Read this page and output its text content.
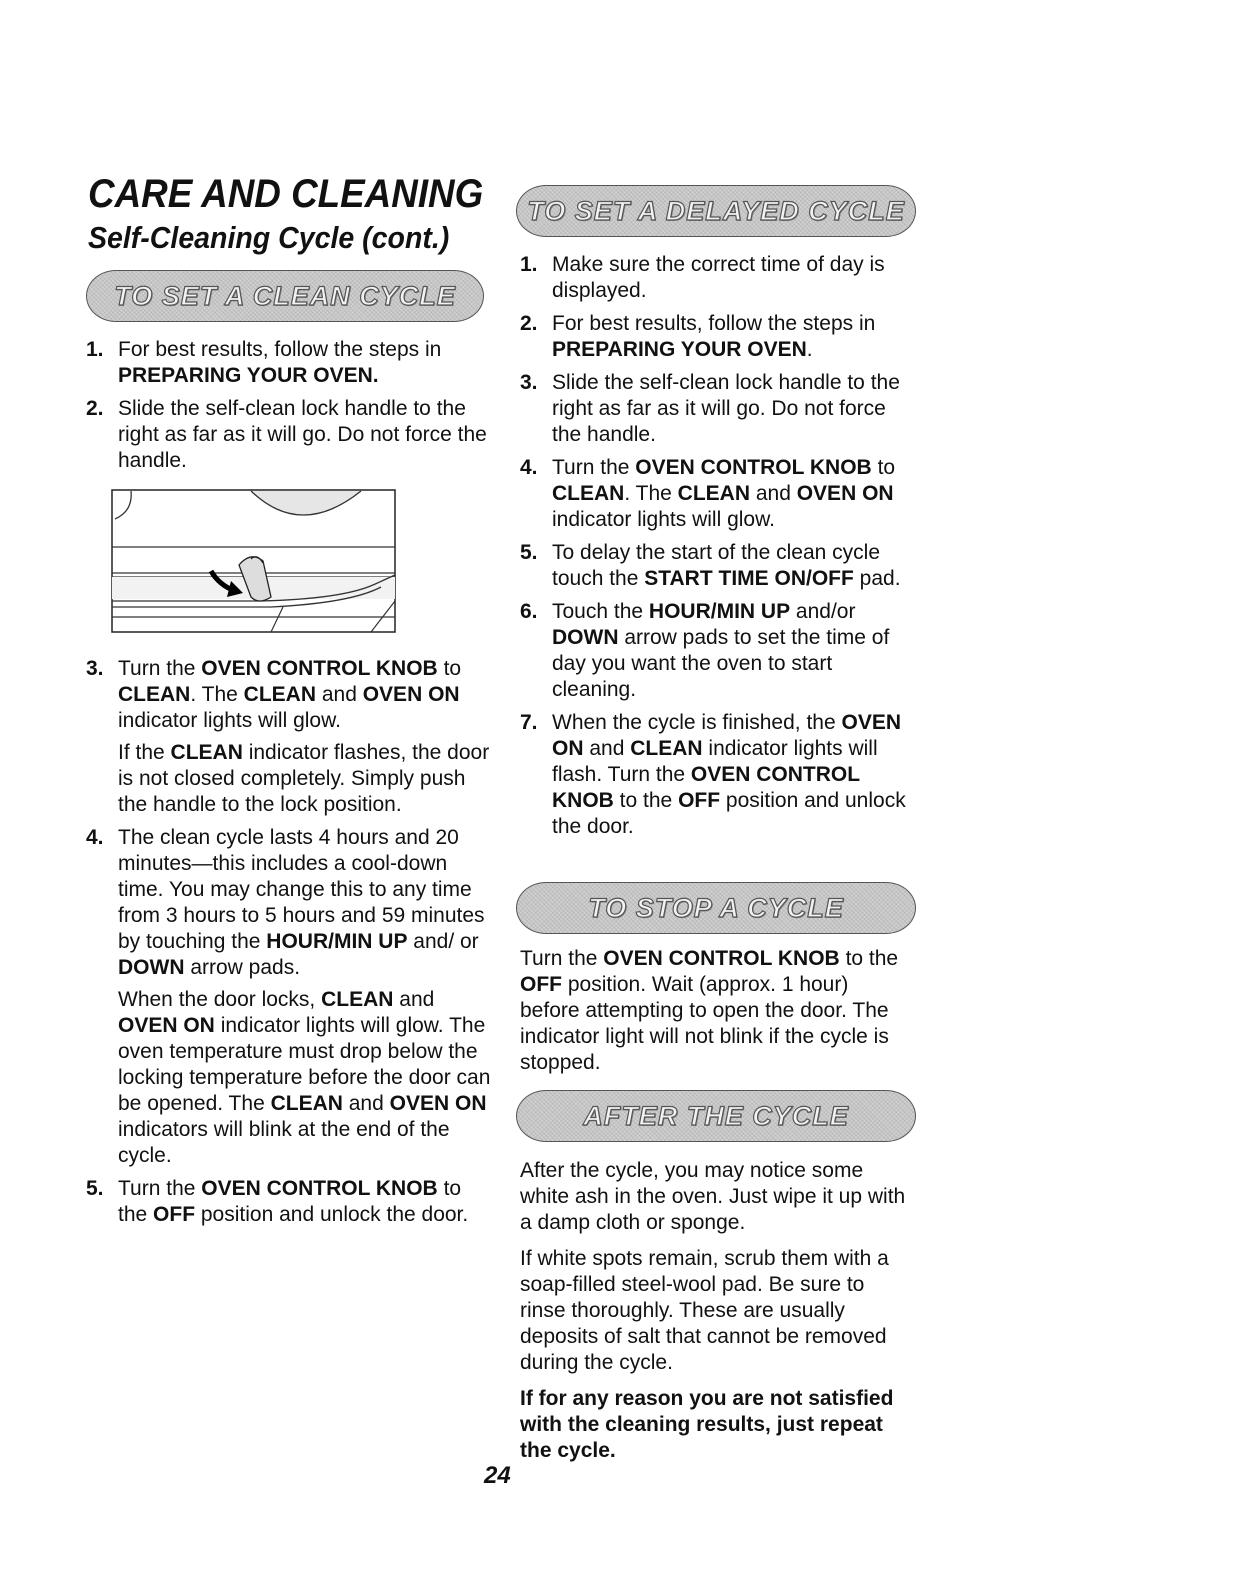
CARE AND CLEANING
Self-Cleaning Cycle (cont.)
TO SET A CLEAN CYCLE
1. For best results, follow the steps in PREPARING YOUR OVEN.
2. Slide the self-clean lock handle to the right as far as it will go. Do not force the handle.
3. Turn the OVEN CONTROL KNOB to CLEAN. The CLEAN and OVEN ON indicator lights will glow.
If the CLEAN indicator flashes, the door is not closed completely. Simply push the handle to the lock position.
4. The clean cycle lasts 4 hours and 20 minutes—this includes a cool-down time. You may change this to any time from 3 hours to 5 hours and 59 minutes by touching the HOUR/MIN UP and/ or DOWN arrow pads.
When the door locks, CLEAN and OVEN ON indicator lights will glow. The oven temperature must drop below the locking temperature before the door can be opened. The CLEAN and OVEN ON indicators will blink at the end of the cycle.
5. Turn the OVEN CONTROL KNOB to the OFF position and unlock the door.
TO SET A DELAYED CYCLE
1. Make sure the correct time of day is displayed.
2. For best results, follow the steps in PREPARING YOUR OVEN.
3. Slide the self-clean lock handle to the right as far as it will go. Do not force the handle.
4. Turn the OVEN CONTROL KNOB to CLEAN. The CLEAN and OVEN ON indicator lights will glow.
5. To delay the start of the clean cycle touch the START TIME ON/OFF pad.
6. Touch the HOUR/MIN UP and/or DOWN arrow pads to set the time of day you want the oven to start cleaning.
7. When the cycle is finished, the OVEN ON and CLEAN indicator lights will flash. Turn the OVEN CONTROL KNOB to the OFF position and unlock the door.
TO STOP A CYCLE

Turn the OVEN CONTROL KNOB to the OFF position. Wait (approx. 1 hour) before attempting to open the door. The indicator light will not blink if the cycle is stopped.

AFTER THE CYCLE

After the cycle, you may notice some white ash in the oven. Just wipe it up with a damp cloth or sponge.

If white spots remain, scrub them with a soap-filled steel-wool pad. Be sure to rinse thoroughly. These are usually deposits of salt that cannot be removed during the cycle.

If for any reason you are not satisfied with the cleaning results, just repeat the cycle.

24
